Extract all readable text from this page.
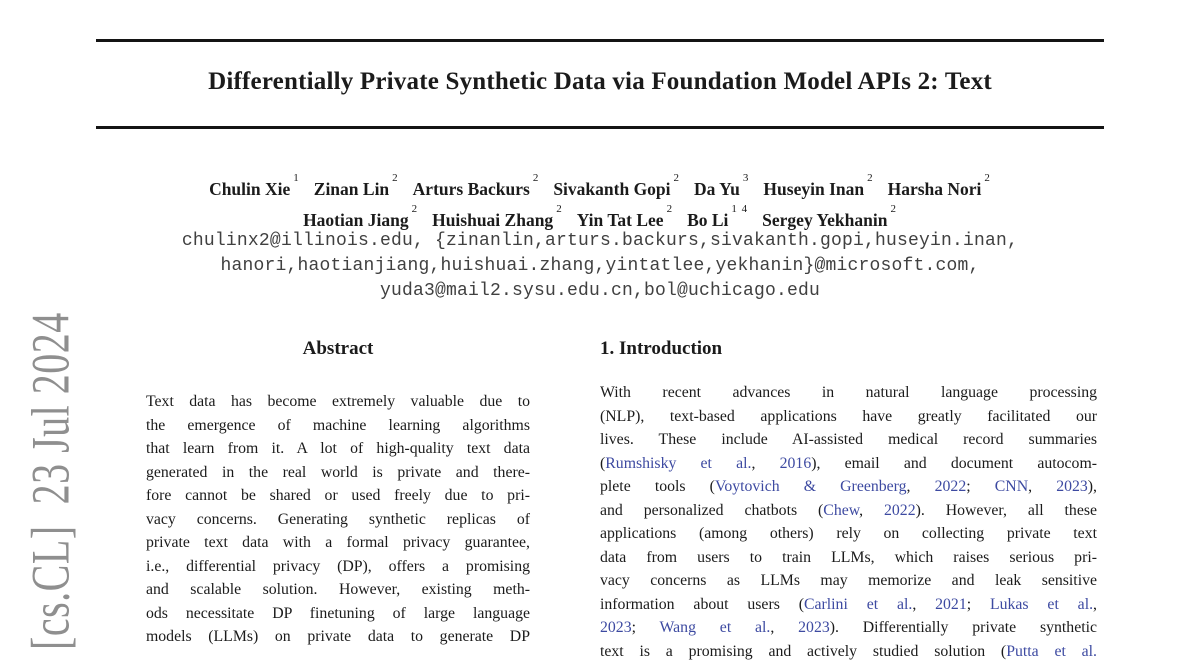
Differentially Private Synthetic Data via Foundation Model APIs 2: Text
Chulin Xie$^1$Zinan Lin$^2$Arturs Backurs$^2$Sivakanth Gopi$^2$Da Yu$^3$Huseyin Inan$^2$Harsha Nori$^2$
Haotian Jiang$^2$Huishuai Zhang$^2$Yin Tat Lee$^2$Bo $Li^{1 4}Sergey$ Yekhanin$^2$
chulinx2@illinois.edu, {zinanlin,arturs.backurs,sivakanth.gopi,huseyin.inan,
hanori,haotianjiang,huishuai.zhang,yintatlee,yekhanin}@microsoft.com,
yuda3@mail2.sysu.edu.cn,bol@uchicago.edu
Abstract
Text data has become extremely valuable due to
the emergence of machine learning algorithms
that learn from it. A lot of high-quality text data
generated in the real world is private and there-
fore cannot be shared or used freely due to pri-
vacy concerns. Generating synthetic replicas of
private text data with a formal privacy guarantee,
i.e., differential privacy (DP), offers a promising
and scalable solution. However, existing meth-
ods necessitate DP finetuning of large language
models (LLMs) on private data to generate DP
1. Introduction
With recent advances in natural language processing
(NLP), text-based applications have greatly facilitated our
lives. These include AI-assisted medical record summaries
(Rumshisky et al., 2016), email and document autocom-
plete tools (Voytovich & Greenberg, 2022; CNN, 2023),
and personalized chatbots (Chew, 2022). However, all these
applications (among others) rely on collecting private text
data from users to train LLMs, which raises serious pri-
vacy concerns as LLMs may memorize and leak sensitive
information about users (Carlini et al., 2021; Lukas et al.,
2023; Wang et al., 2023). Differentially private synthetic
text is a promising and actively studied solution (Putta et al.
[cs.CL]  23 Jul 2024
